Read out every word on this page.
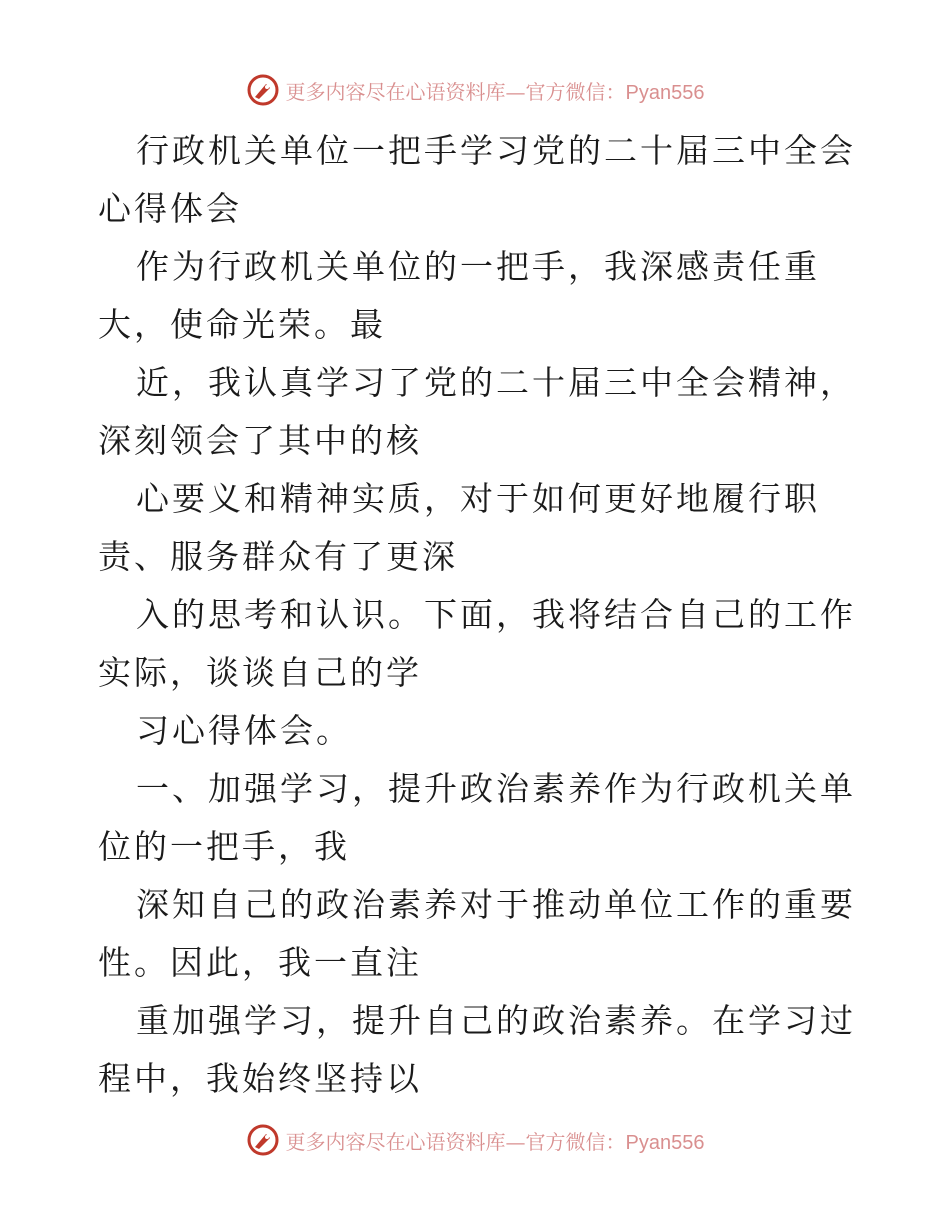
更多内容尽在心语资料库—官方微信：Pyan556

行政机关单位一把手学习党的二十届三中全会心得体会

作为行政机关单位的一把手，我深感责任重大，使命光荣。最

近，我认真学习了党的二十届三中全会精神，深刻领会了其中的核

心要义和精神实质，对于如何更好地履行职责、服务群众有了更深

入的思考和认识。下面，我将结合自己的工作实际，谈谈自己的学

习心得体会。

一、加强学习，提升政治素养作为行政机关单位的一把手，我

深知自己的政治素养对于推动单位工作的重要性。因此，我一直注

重加强学习，提升自己的政治素养。在学习过程中，我始终坚持以

更多内容尽在心语资料库—官方微信：Pyan556
